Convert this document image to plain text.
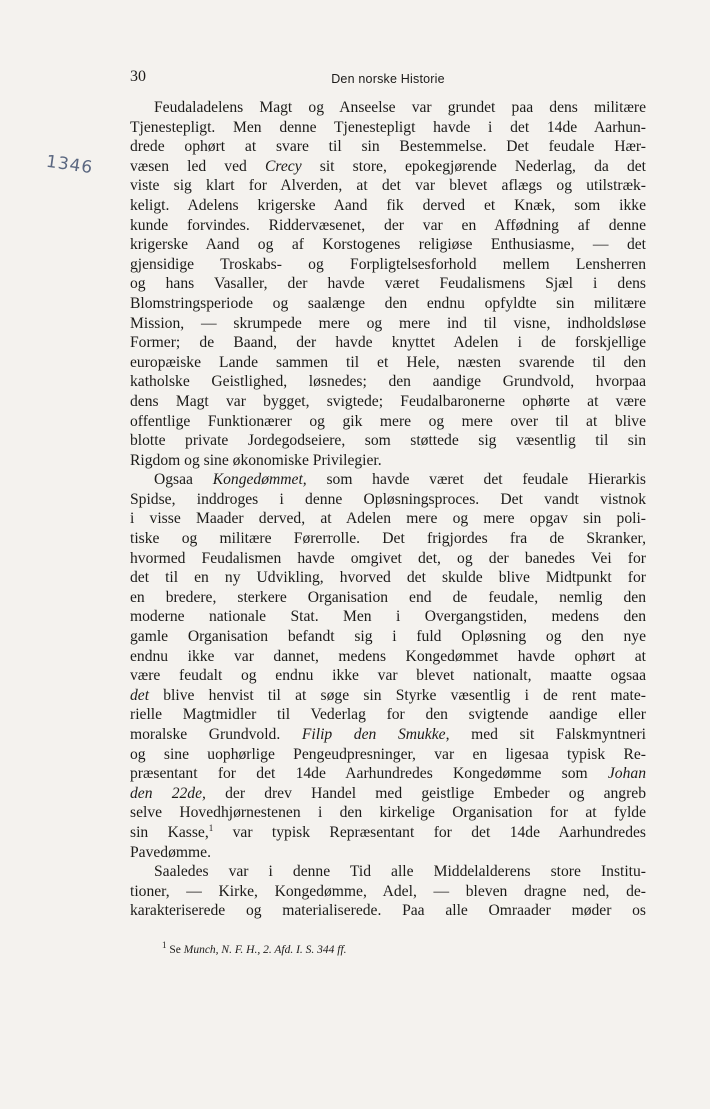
30	Den norske Historie
1346
Feudaladelens Magt og Anseelse var grundet paa dens militære
Tjenestepligt. Men denne Tjenestepligt havde i det 14de Aarhun-
drede ophørt at svare til sin Bestemmelse. Det feudale Hær-
væsen led ved Crecy sit store, epokegjørende Nederlag, da det
viste sig klart for Alverden, at det var blevet aflægs og utilstræk-
keligt. Adelens krigerske Aand fik derved et Knæk, som ikke
kunde forvindes. Riddervæsenet, der var en Affødning af denne
krigerske Aand og af Korstogenes religiøse Enthusiasme, — det
gjensidige Troskabs- og Forpligtelsesforhold mellem Lensherren
og hans Vasaller, der havde været Feudalismens Sjæl i dens
Blomstringsperiode og saalænge den endnu opfyldte sin militære
Mission, — skrumpede mere og mere ind til visne, indholdsløse
Former; de Baand, der havde knyttet Adelen i de forskjellige
europæiske Lande sammen til et Hele, næsten svarende til den
katholske Geistlighed, løsnedes; den aandige Grundvold, hvorpaa
dens Magt var bygget, svigtede; Feudalbaronerne ophørte at være
offentlige Funktionærer og gik mere og mere over til at blive
blotte private Jordegodseiere, som støttede sig væsentlig til sin
Rigdom og sine økonomiske Privilegier.
Ogsaa Kongedømmet, som havde været det feudale Hierarkis
Spidse, inddroges i denne Opløsningsproces. Det vandt vistnok
i visse Maader derved, at Adelen mere og mere opgav sin poli-
tiske og militære Førerrolle. Det frigjordes fra de Skranker,
hvormed Feudalismen havde omgivet det, og der banedes Vei for
det til en ny Udvikling, hvorved det skulde blive Midtpunkt for
en bredere, sterkere Organisation end de feudale, nemlig den
moderne nationale Stat. Men i Overgangstiden, medens den
gamle Organisation befandt sig i fuld Opløsning og den nye
endnu ikke var dannet, medens Kongedømmet havde ophørt at
være feudalt og endnu ikke var blevet nationalt, maatte ogsaa
det blive henvist til at søge sin Styrke væsentlig i de rent mate-
rielle Magtmidler til Vederlag for den svigtende aandige eller
moralske Grundvold. Filip den Smukke, med sit Falskmyntneri
og sine uophørlige Pengeudpresninger, var en ligesaa typisk Re-
præsentant for det 14de Aarhundredes Kongedømme som Johan
den 22de, der drev Handel med geistlige Embeder og angreb
selve Hovedhjørnestenen i den kirkelige Organisation for at fylde
sin Kasse,$^1$ var typisk Repræsentant for det 14de Aarhundredes
Pavedømme.
Saaledes var i denne Tid alle Middelalderens store Institu-
tioner, — Kirke, Kongedømme, Adel, — bleven dragne ned, de-
karakteriserede og materialiserede. Paa alle Omraader møder os
$^1$ Se Munch, N. F. H., 2. Afd. I. S. 344 ff.
